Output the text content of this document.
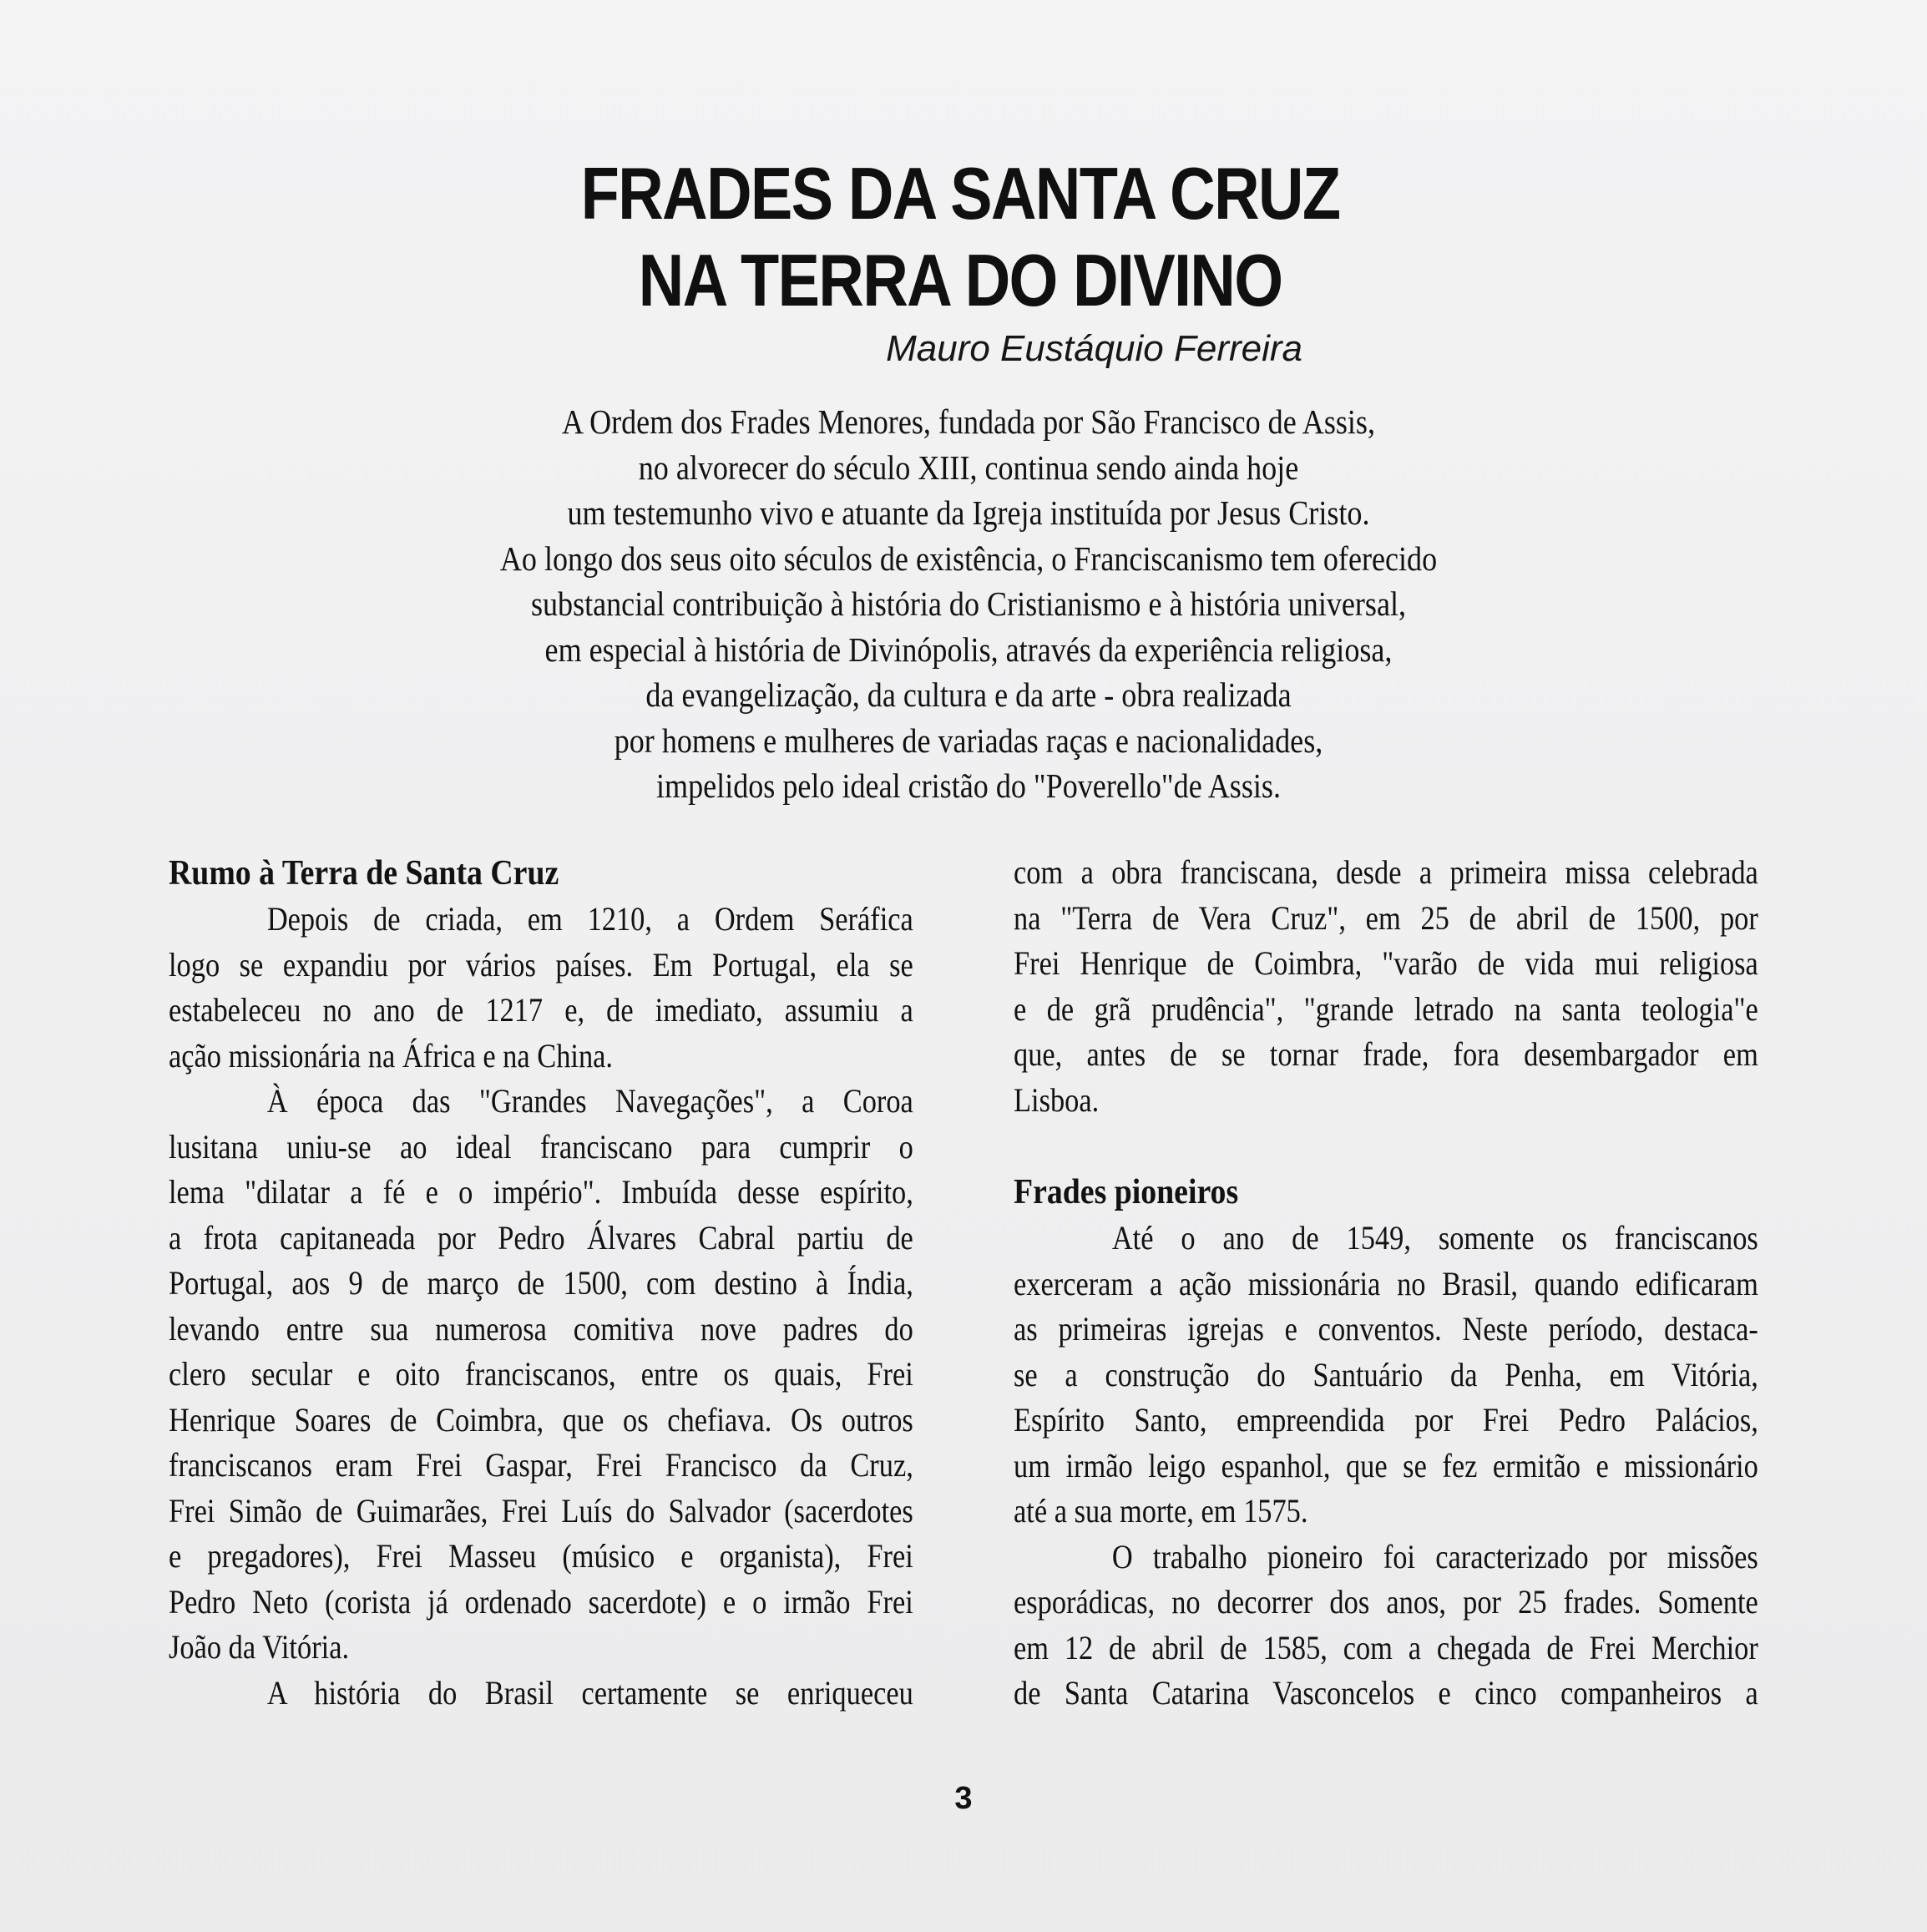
FRADES DA SANTA CRUZ
NA TERRA DO DIVINO
Mauro Eustáquio Ferreira
A Ordem dos Frades Menores, fundada por São Francisco de Assis,
no alvorecer do século XIII, continua sendo ainda hoje
um testemunho vivo e atuante da Igreja instituída por Jesus Cristo.
Ao longo dos seus oito séculos de existência, o Franciscanismo tem oferecido
substancial contribuição à história do Cristianismo e à história universal,
em especial à história de Divinópolis, através da experiência religiosa,
da evangelização, da cultura e da arte - obra realizada
por homens e mulheres de variadas raças e nacionalidades,
impelidos pelo ideal cristão do "Poverello"de Assis.
Rumo à Terra de Santa Cruz
Depois de criada, em 1210, a Ordem Seráfica
logo se expandiu por vários países. Em Portugal, ela se
estabeleceu no ano de 1217 e, de imediato, assumiu a
ação missionária na África e na China.
À época das "Grandes Navegações", a Coroa
lusitana uniu-se ao ideal franciscano para cumprir o
lema "dilatar a fé e o império". Imbuída desse espírito,
a frota capitaneada por Pedro Álvares Cabral partiu de
Portugal, aos 9 de março de 1500, com destino à Índia,
levando entre sua numerosa comitiva nove padres do
clero secular e oito franciscanos, entre os quais, Frei
Henrique Soares de Coimbra, que os chefiava. Os outros
franciscanos eram Frei Gaspar, Frei Francisco da Cruz,
Frei Simão de Guimarães, Frei Luís do Salvador (sacerdotes
e pregadores), Frei Masseu (músico e organista), Frei
Pedro Neto (corista já ordenado sacerdote) e o irmão Frei
João da Vitória.
A história do Brasil certamente se enriqueceu
com a obra franciscana, desde a primeira missa celebrada
na "Terra de Vera Cruz", em 25 de abril de 1500, por
Frei Henrique de Coimbra, "varão de vida mui religiosa
e de grã prudência", "grande letrado na santa teologia"e
que, antes de se tornar frade, fora desembargador em
Lisboa.
Frades pioneiros
Até o ano de 1549, somente os franciscanos
exerceram a ação missionária no Brasil, quando edificaram
as primeiras igrejas e conventos. Neste período, destaca-
se a construção do Santuário da Penha, em Vitória,
Espírito Santo, empreendida por Frei Pedro Palácios,
um irmão leigo espanhol, que se fez ermitão e missionário
até a sua morte, em 1575.
O trabalho pioneiro foi caracterizado por missões
esporádicas, no decorrer dos anos, por 25 frades. Somente
em 12 de abril de 1585, com a chegada de Frei Merchior
de Santa Catarina Vasconcelos e cinco companheiros a
3
